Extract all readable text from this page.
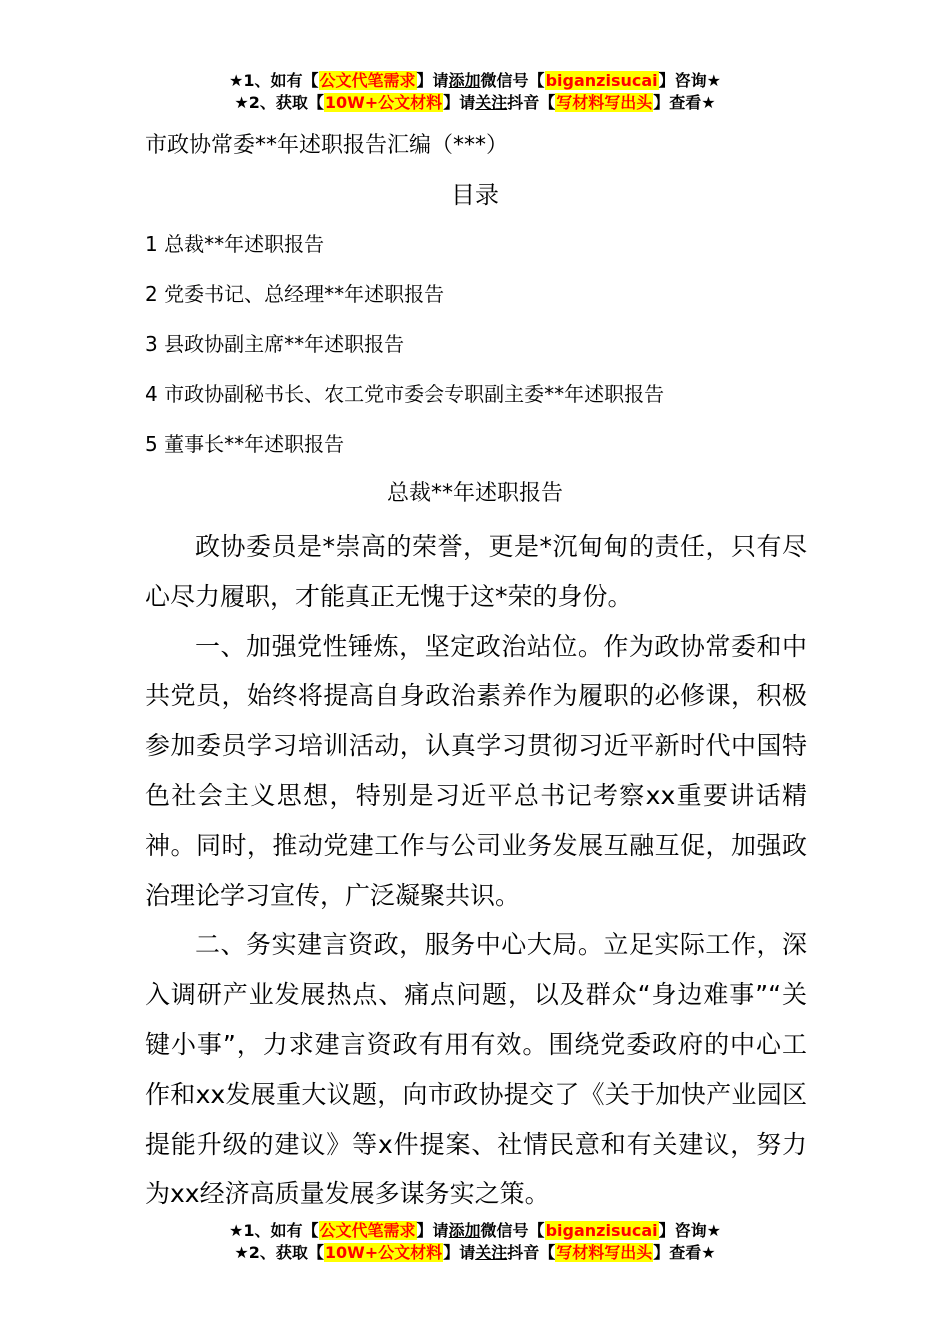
★1、如有【公文代笔需求】请添加微信号【biganzisucai】咨询★
★2、获取【10W+公文材料】请关注抖音【写材料写出头】查看★
市政协常委**年述职报告汇编（***）
目录
1 总裁**年述职报告
2 党委书记、总经理**年述职报告
3 县政协副主席**年述职报告
4 市政协副秘书长、农工党市委会专职副主委**年述职报告
5 董事长**年述职报告
总裁**年述职报告

政协委员是*崇高的荣誉，更是*沉甸甸的责任，只有尽心尽力履职，才能真正无愧于这*荣的身份。

一、加强党性锤炼，坚定政治站位。作为政协常委和中共党员，始终将提高自身政治素养作为履职的必修课，积极参加委员学习培训活动，认真学习贯彻习近平新时代中国特色社会主义思想，特别是习近平总书记考察xx重要讲话精神。同时，推动党建工作与公司业务发展互融互促，加强政治理论学习宣传，广泛凝聚共识。

二、务实建言资政，服务中心大局。立足实际工作，深入调研产业发展热点、痛点问题，以及群众“身边难事”“关键小事”，力求建言资政有用有效。围绕党委政府的中心工作和xx发展重大议题，向市政协提交了《关于加快产业园区提能升级的建议》等x件提案、社情民意和有关建议，努力为xx经济高质量发展多谋务实之策。

★1、如有【公文代笔需求】请添加微信号【biganzisucai】咨询★
★2、获取【10W+公文材料】请关注抖音【写材料写出头】查看★
